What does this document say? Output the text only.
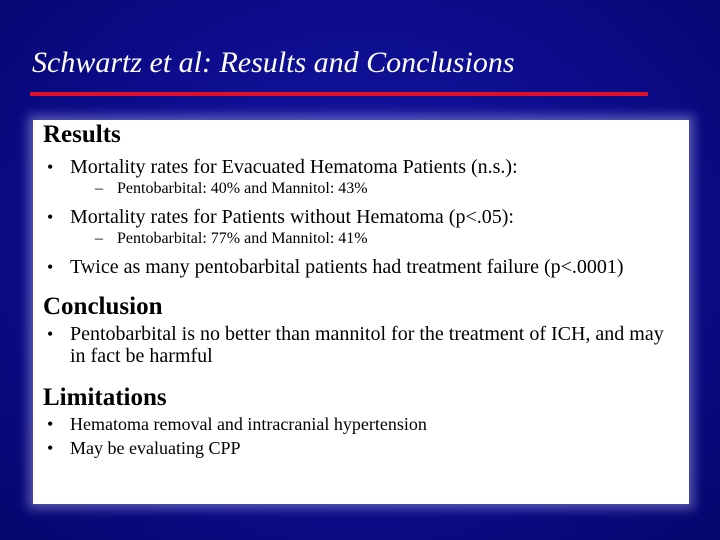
Schwartz et al: Results and Conclusions
Results
• Mortality rates for Evacuated Hematoma Patients (n.s.):
– Pentobarbital: 40% and Mannitol: 43%
• Mortality rates for Patients without Hematoma (p<.05):
– Pentobarbital: 77% and Mannitol: 41%
• Twice as many pentobarbital patients had treatment failure (p<.0001)
Conclusion
• Pentobarbital is no better than mannitol for the treatment of ICH, and may in fact be harmful
Limitations
• Hematoma removal and intracranial hypertension
• May be evaluating CPP
